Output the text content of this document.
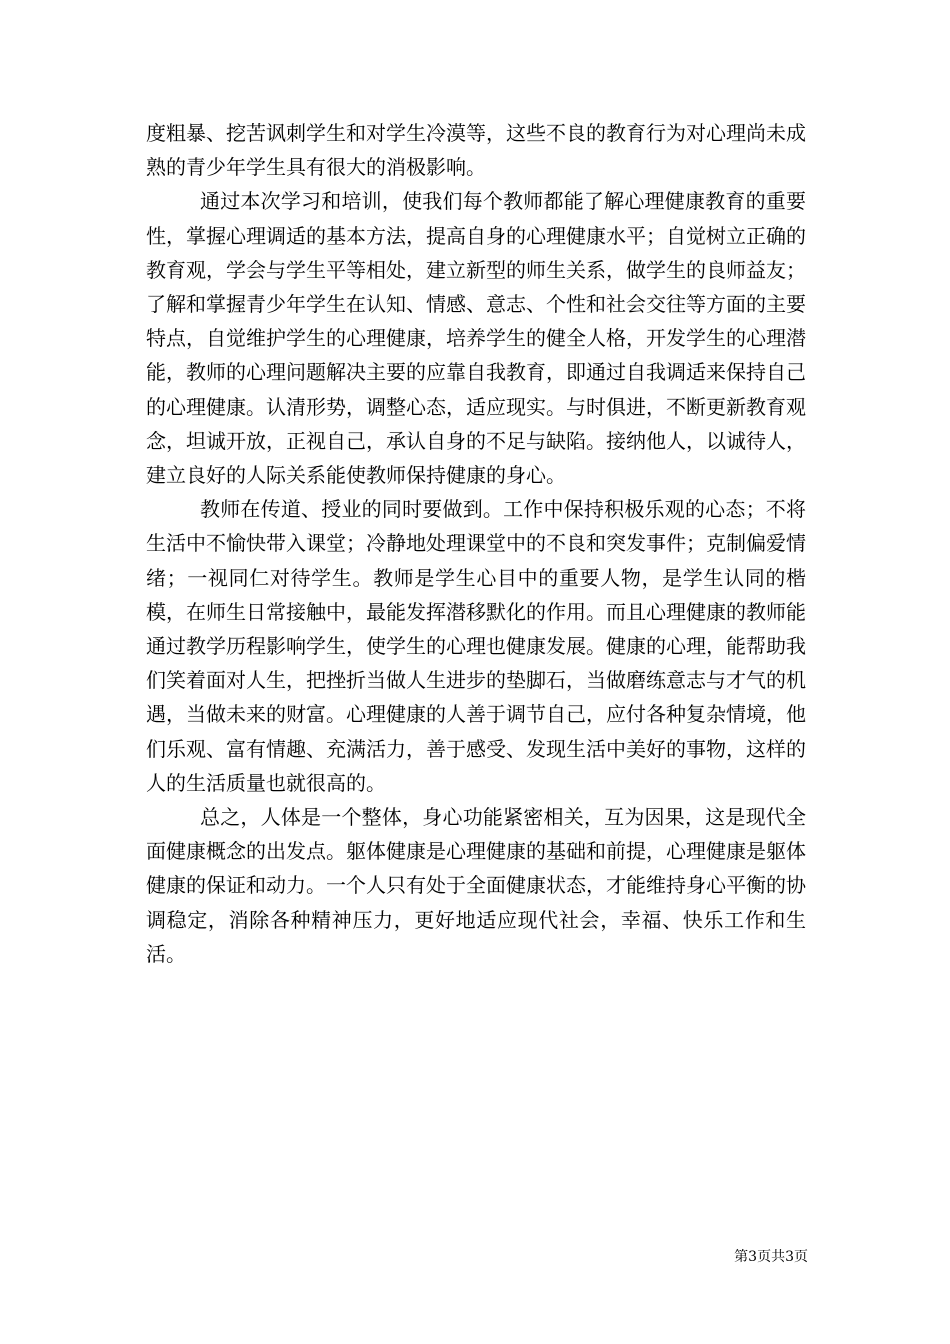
度粗暴、挖苦讽刺学生和对学生冷漠等，这些不良的教育行为对心理尚未成熟的青少年学生具有很大的消极影响。

通过本次学习和培训，使我们每个教师都能了解心理健康教育的重要性，掌握心理调适的基本方法，提高自身的心理健康水平；自觉树立正确的教育观，学会与学生平等相处，建立新型的师生关系，做学生的良师益友；了解和掌握青少年学生在认知、情感、意志、个性和社会交往等方面的主要特点，自觉维护学生的心理健康，培养学生的健全人格，开发学生的心理潜能，教师的心理问题解决主要的应靠自我教育，即通过自我调适来保持自己的心理健康。认清形势，调整心态，适应现实。与时俱进，不断更新教育观念，坦诚开放，正视自己，承认自身的不足与缺陷。接纳他人，以诚待人，建立良好的人际关系能使教师保持健康的身心。

教师在传道、授业的同时要做到。工作中保持积极乐观的心态；不将生活中不愉快带入课堂；冷静地处理课堂中的不良和突发事件；克制偏爱情绪；一视同仁对待学生。教师是学生心目中的重要人物，是学生认同的楷模，在师生日常接触中，最能发挥潜移默化的作用。而且心理健康的教师能通过教学历程影响学生，使学生的心理也健康发展。健康的心理，能帮助我们笑着面对人生，把挫折当做人生进步的垫脚石，当做磨练意志与才气的机遇，当做未来的财富。心理健康的人善于调节自己，应付各种复杂情境，他们乐观、富有情趣、充满活力，善于感受、发现生活中美好的事物，这样的人的生活质量也就很高的。

总之，人体是一个整体，身心功能紧密相关，互为因果，这是现代全面健康概念的出发点。躯体健康是心理健康的基础和前提，心理健康是躯体健康的保证和动力。一个人只有处于全面健康状态，才能维持身心平衡的协调稳定，消除各种精神压力，更好地适应现代社会，幸福、快乐工作和生活。

第3页共3页
